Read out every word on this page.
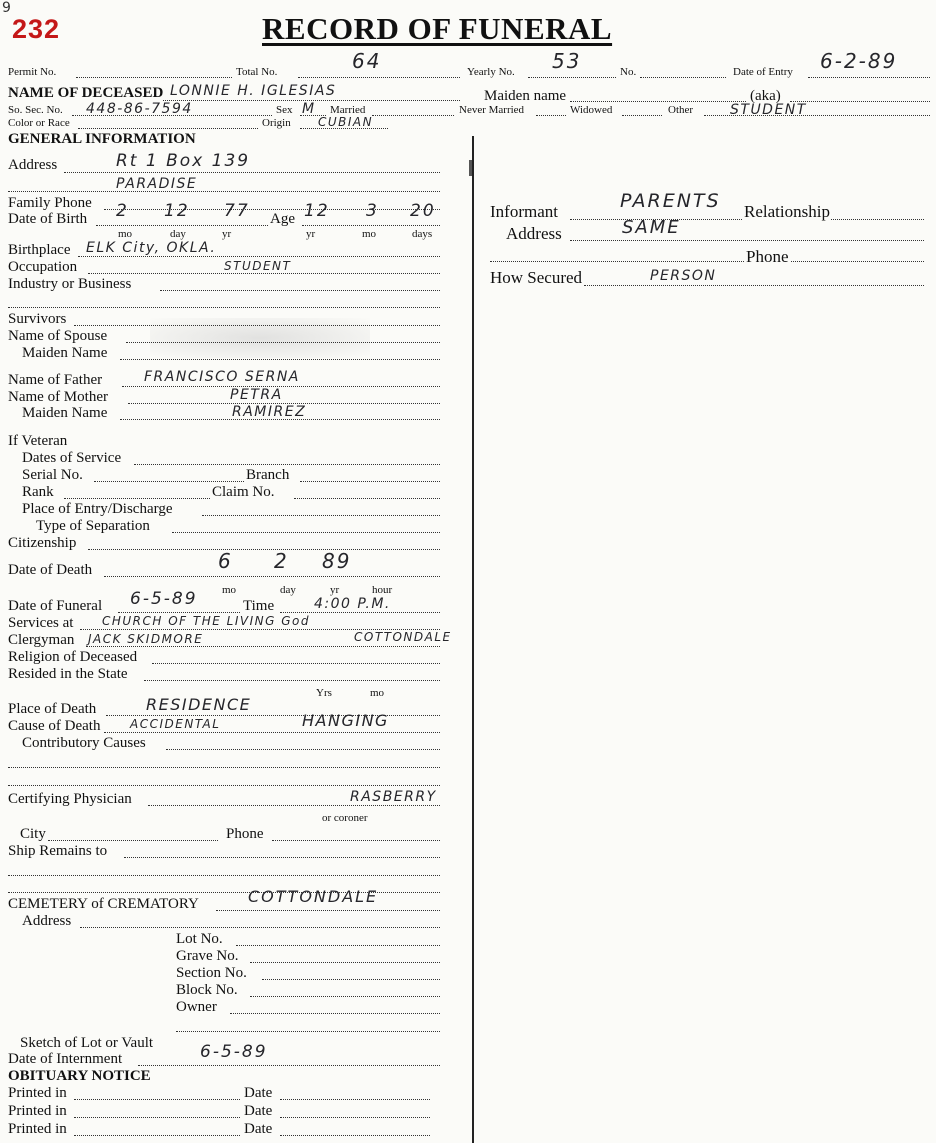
9
232	RECORD OF FUNERAL
Permit No.	Total No.	64	Yearly No. 53	No.	Date of Entry 6-2-89
NAME OF DECEASED LONNIE H. IGLESIAS	Maiden name	(aka)
So. Sec. No. 448-86-7594	Sex M Married	Never Married	Widowed	Other	STUDENT
Color or Race	Origin CUBIAN
GENERAL INFORMATION
Address	Rt 1 Box 139
PARADISE
Family Phone
Date of Birth 2 12 77 Age 12 3 20
mo	day	yr	yr	mo	days
Birthplace ELK City, OKLA.
Occupation	STUDENT
Industry or Business
Survivors
Name of Spouse
Maiden Name
Name of Father	FRANCISCO SERNA
Name of Mother	PETRA
Maiden Name	RAMIREZ
If Veteran
Dates of Service
Serial No.	Branch
Rank	Claim No.
Place of Entry/Discharge
Type of Separation
Citizenship
Date of Death	6 2 89
mo	day	yr	hour
Date of Funeral 6-5-89	Time	4:00 P.M.
Services at CHURCH OF THE LIVING God
Clergyman JACK SKIDMORE	COTTONDALE
Religion of Deceased
Resided in the State
Yrs	mo
Place of Death	RESIDENCE
Cause of Death ACCIDENTAL	HANGING
Contributory Causes
Certifying Physician	RASBERRY
or coroner
City	Phone
Ship Remains to
CEMETERY of CREMATORY	COTTONDALE
Address
Lot No.
Grave No.
Section No.
Block No.
Owner
Sketch of Lot or Vault
Date of Internment	6-5-89
OBITUARY NOTICE
Printed in	Date
Printed in	Date
Printed in	Date
Informant	PARENTS Relationship
Address	SAME
Phone
How Secured	PERSON
